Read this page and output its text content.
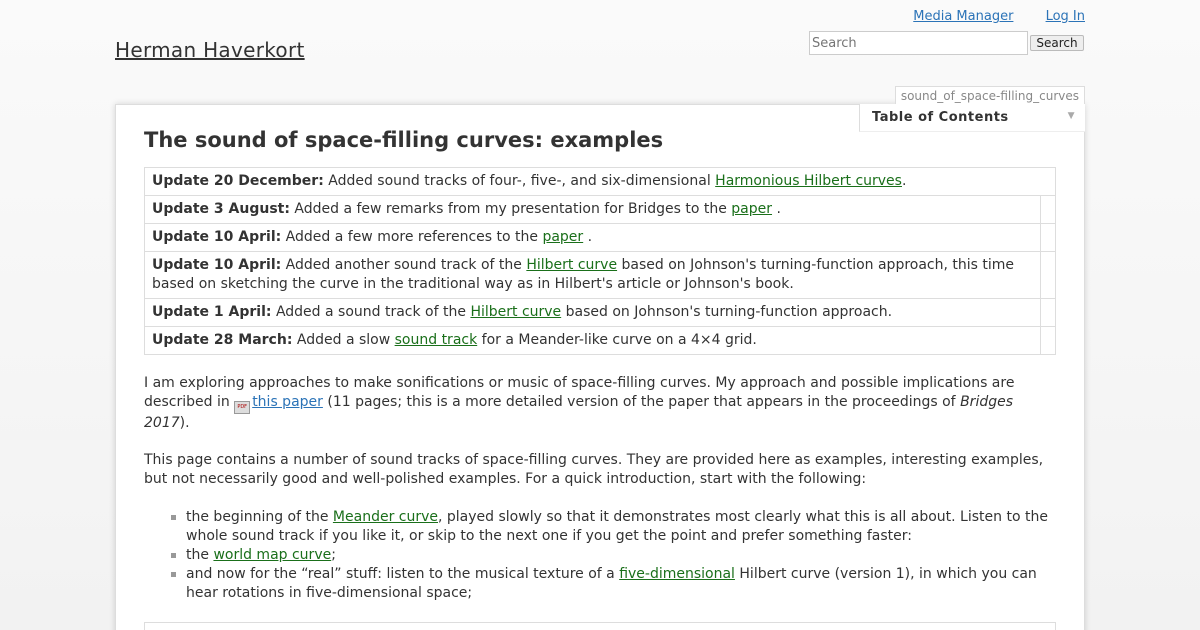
Media Manager Log In
Herman Haverkort
Search	Search
sound_of_space-filling_curves
Table of Contents	▼
The sound of space-filling curves: examples
Update 20 December: Added sound tracks of four-, five-, and six-dimensional Harmonious Hilbert curves.	
Update 3 August: Added a few remarks from my presentation for Bridges to the paper .	
Update 10 April: Added a few more references to the paper .	
Update 10 April: Added another sound track of the Hilbert curve based on Johnson's turning-function approach, this time based on sketching the curve in the traditional way as in Hilbert's article or Johnson's book.	
Update 1 April: Added a sound track of the Hilbert curve based on Johnson's turning-function approach.	
Update 28 March: Added a slow sound track for a Meander-like curve on a 4×4 grid.	

I am exploring approaches to make sonifications or music of space-filling curves. My approach and possible implications are described in PDF this paper (11 pages; this is a more detailed version of the paper that appears in the proceedings of Bridges 2017).

This page contains a number of sound tracks of space-filling curves. They are provided here as examples, interesting examples, but not necessarily good and well-polished examples. For a quick introduction, start with the following:

the beginning of the Meander curve, played slowly so that it demonstrates most clearly what this is all about. Listen to the whole sound track if you like it, or skip to the next one if you get the point and prefer something faster:
the world map curve;
and now for the “real” stuff: listen to the musical texture of a five-dimensional Hilbert curve (version 1), in which you can hear rotations in five-dimensional space;
